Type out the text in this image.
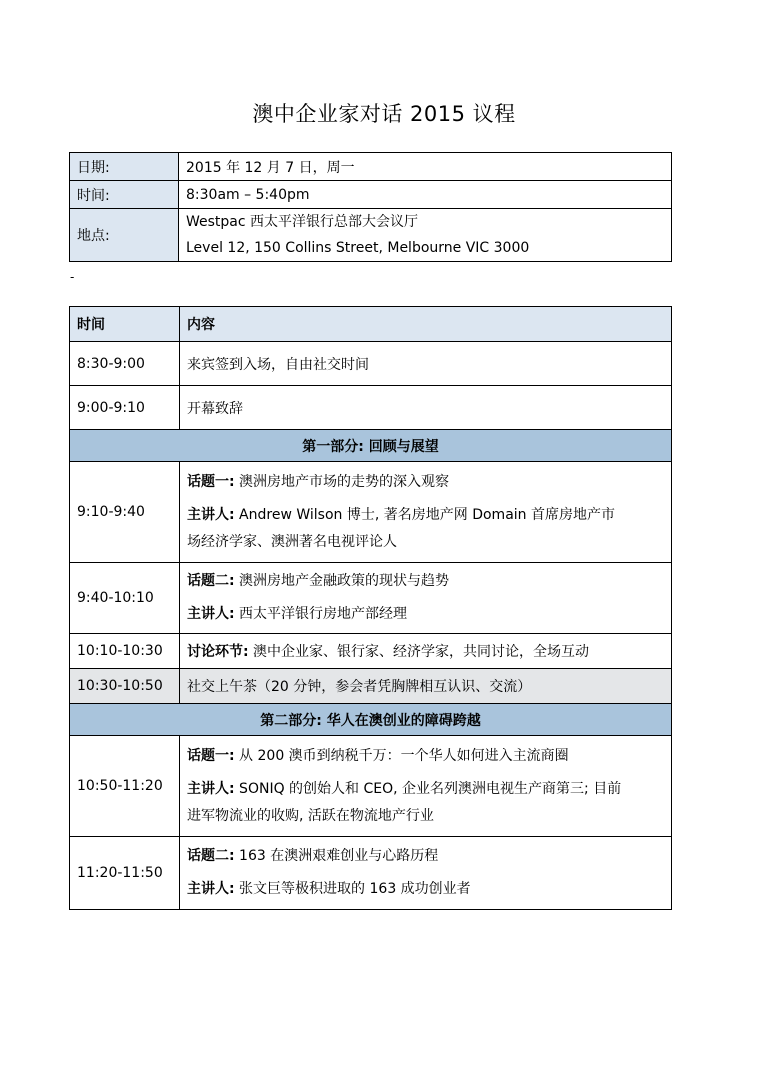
澳中企业家对话 2015 议程
日期:	2015 年 12 月 7 日，周一
时间:	8:30am – 5:40pm
地点:	Westpac 西太平洋银行总部大会议厅
Level 12, 150 Collins Street, Melbourne VIC 3000
-
时间	内容
8:30-9:00	来宾签到入场，自由社交时间
9:00-9:10	开幕致辞
第一部分: 回顾与展望	
9:10-9:40	话题一: 澳洲房地产市场的走势的深入观察
主讲人: Andrew Wilson 博士, 著名房地产网 Domain 首席房地产市
场经济学家、澳洲著名电视评论人

9:40-10:10	话题二: 澳洲房地产金融政策的现状与趋势
主讲人: 西太平洋银行房地产部经理

10:10-10:30	讨论环节: 澳中企业家、银行家、经济学家，共同讨论，全场互动
10:30-10:50	社交上午茶（20 分钟，参会者凭胸牌相互认识、交流）
第二部分: 华人在澳创业的障碍跨越	
10:50-11:20	话题一: 从 200 澳币到纳税千万：一个华人如何进入主流商圈
主讲人: SONIQ 的创始人和 CEO, 企业名列澳洲电视生产商第三; 目前
进军物流业的收购, 活跃在物流地产行业

11:20-11:50	话题二: 163 在澳洲艰难创业与心路历程
主讲人: 张文巨等极积进取的 163 成功创业者
